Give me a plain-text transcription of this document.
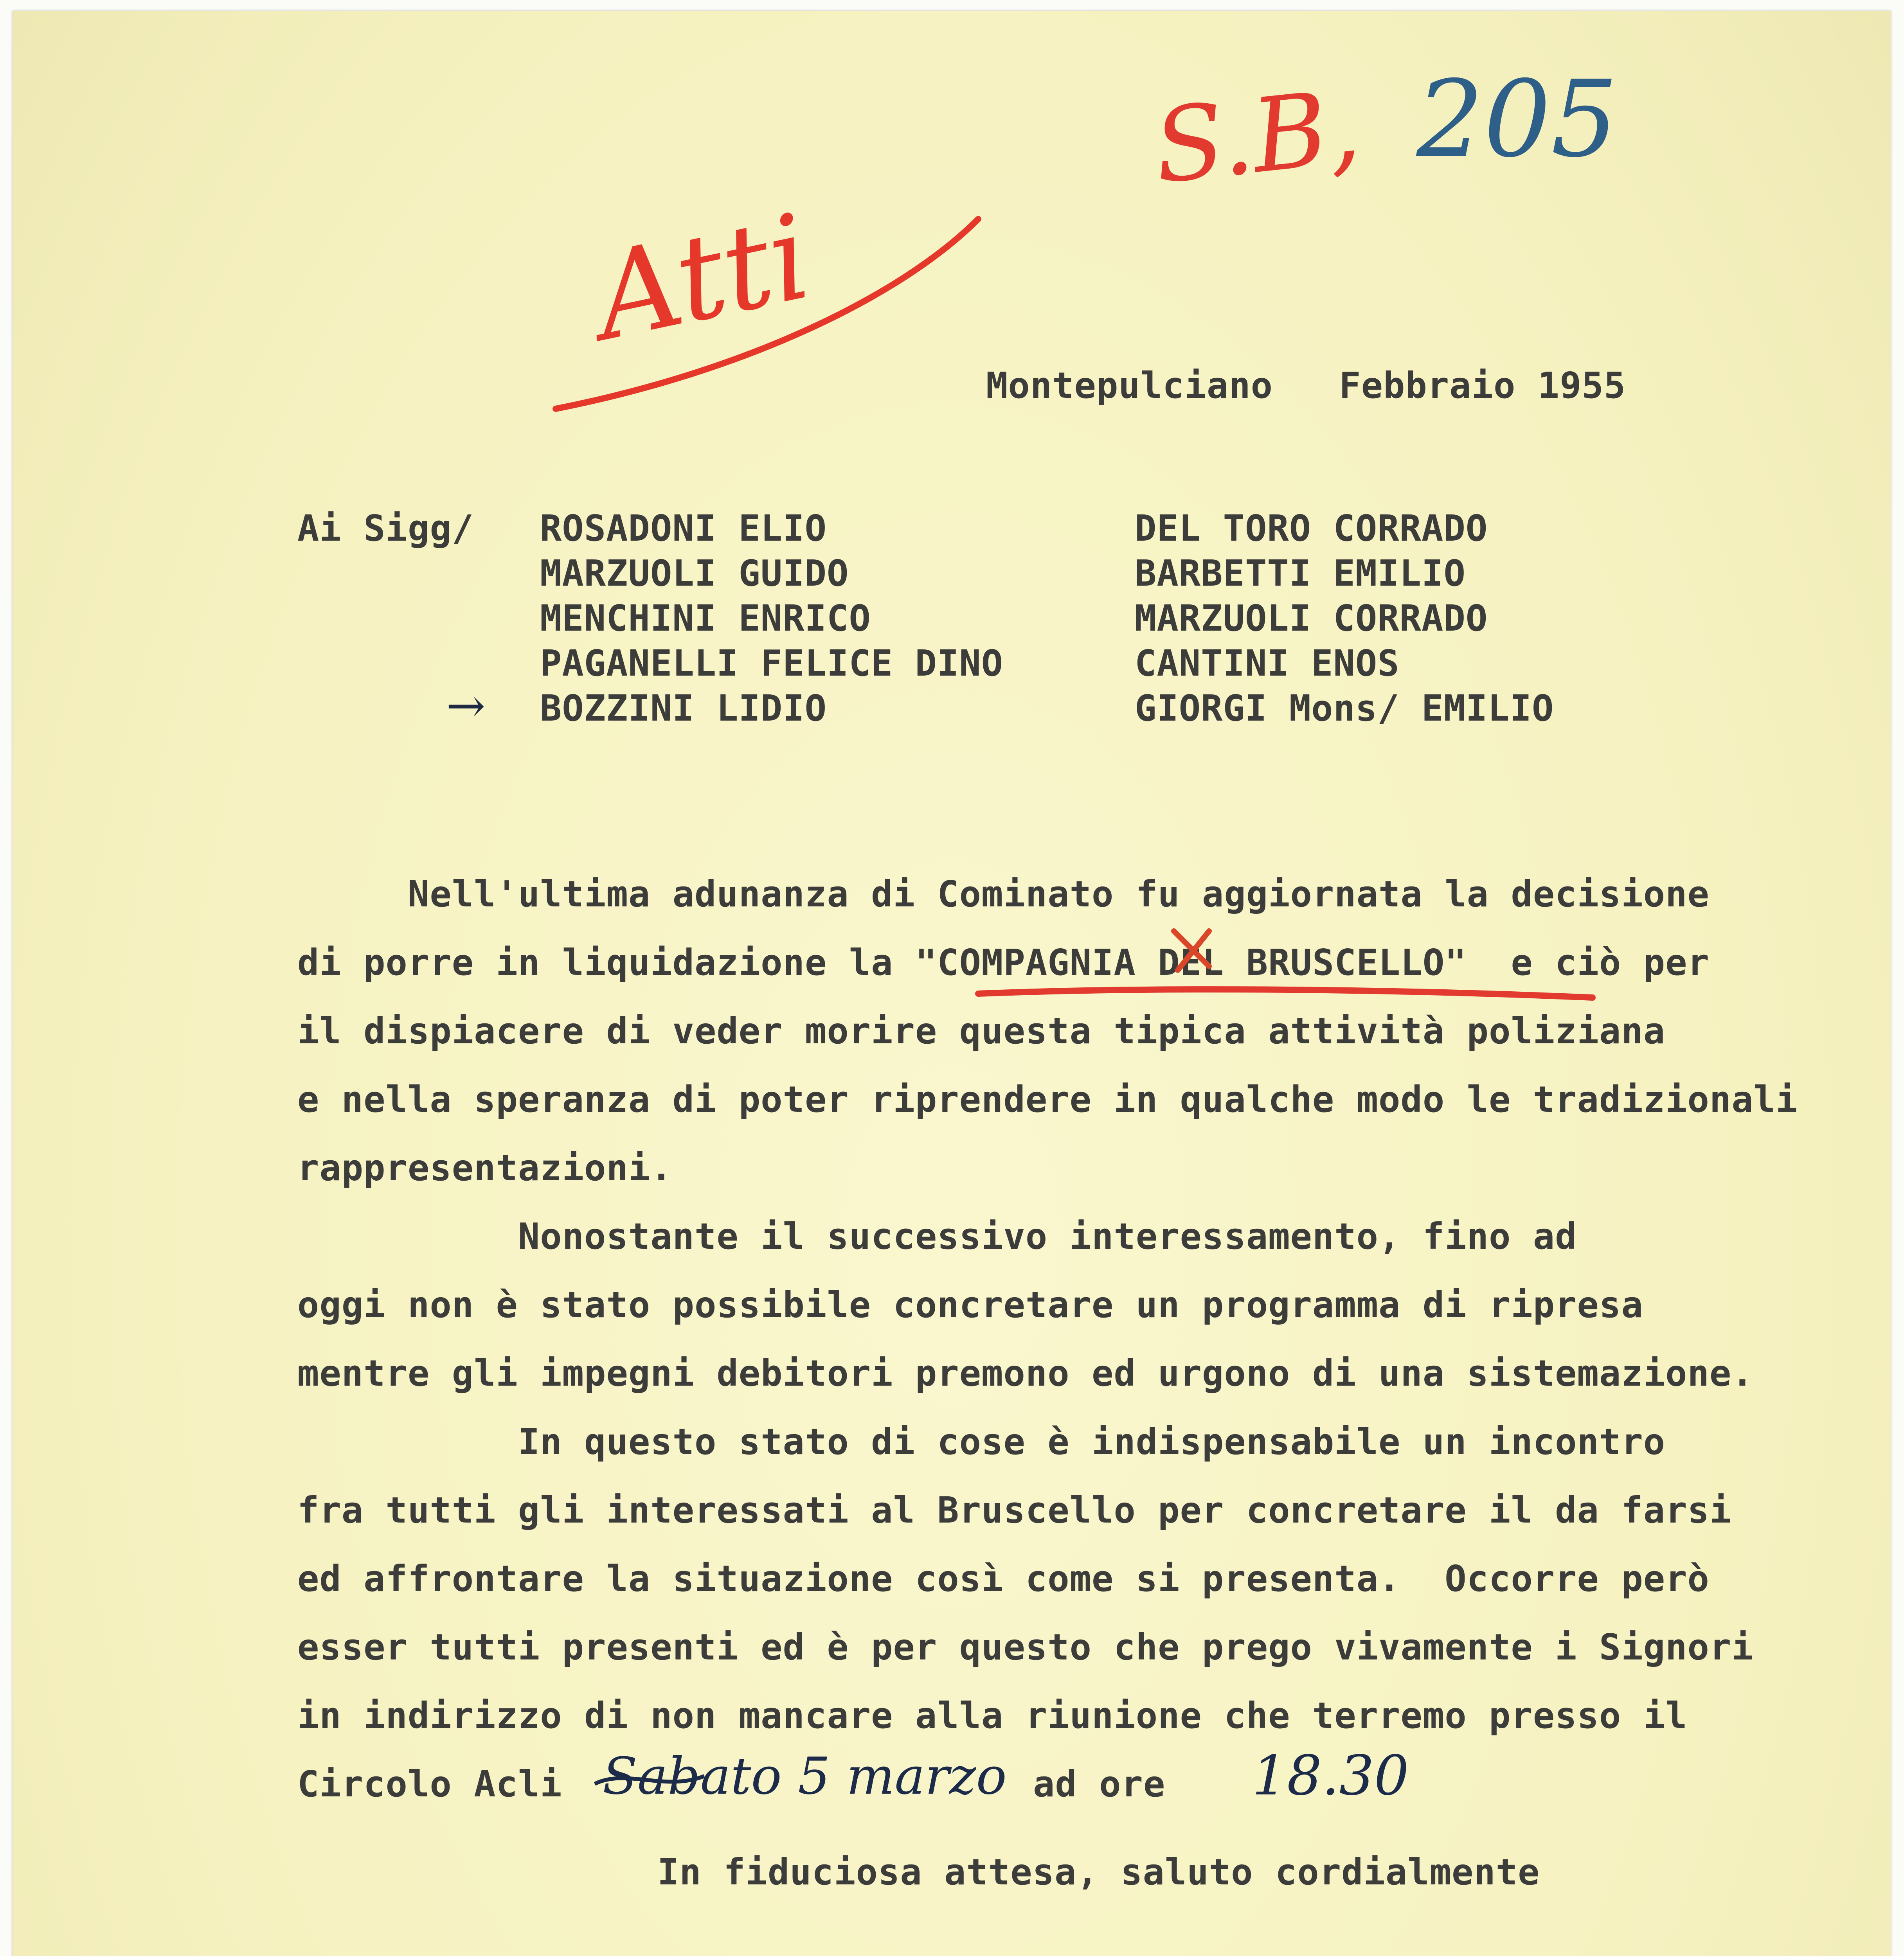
Atti
S.B, 205
Montepulciano   Febbraio 1955
Ai Sigg/ ROSADONI ELIO
MARZUOLI GUIDO
MENCHINI ENRICO
PAGANELLI FELICE DINO
→ BOZZINI LIDIO
DEL TORO CORRADO
BARBETTI EMILIO
MARZUOLI CORRADO
CANTINI ENOS
GIORGI Mons/ EMILIO
Nell'ultima adunanza di Cominato fu aggiornata la decisione
di porre in liquidazione la "COMPAGNIA DEL BRUSCELLO"  e ciò per
il dispiacere di veder morire questa tipica attività poliziana
e nella speranza di poter riprendere in qualche modo le tradizionali
rappresentazioni.
Nonostante il successivo interessamento, fino ad
oggi non è stato possibile concretare un programma di ripresa
mentre gli impegni debitori premono ed urgono di una sistemazione.
In questo stato di cose è indispensabile un incontro
fra tutti gli interessati al Bruscello per concretare il da farsi
ed affrontare la situazione così come si presenta.  Occorre però
esser tutti presenti ed è per questo che prego vivamente i Signori
in indirizzo di non mancare alla riunione che terremo presso il
Circolo Acli Sabato 5 marzo ad ore 18.30
In fiduciosa attesa, saluto cordialmente
